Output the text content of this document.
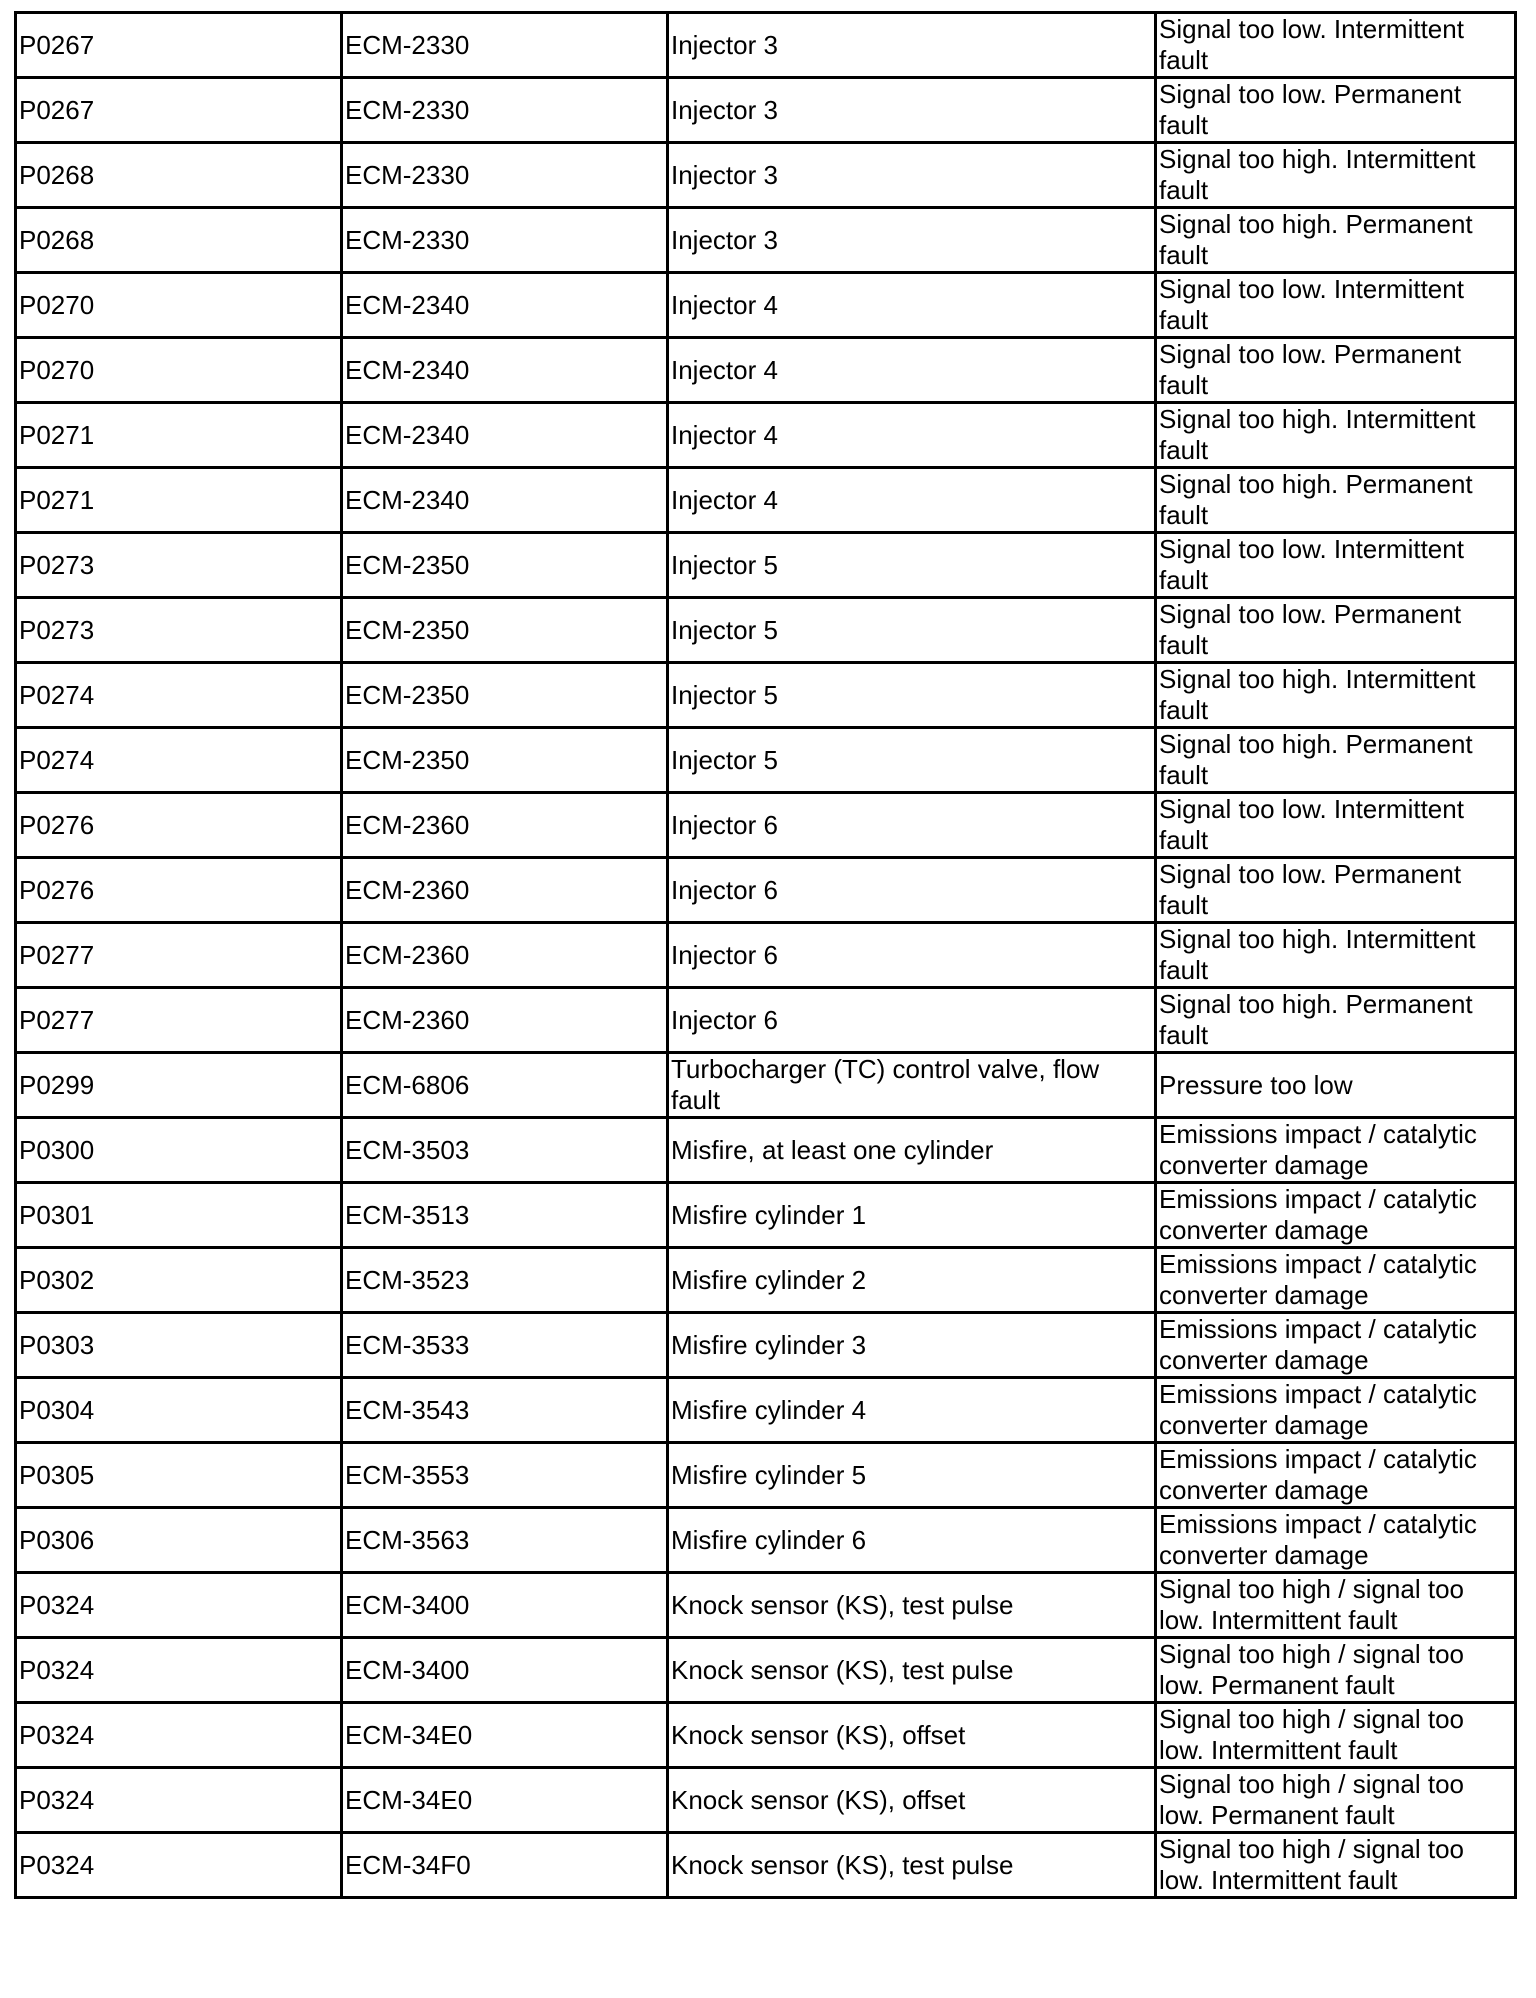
P0267	ECM-2330	Injector 3	Signal too low. Intermittent fault
P0267	ECM-2330	Injector 3	Signal too low. Permanent fault
P0268	ECM-2330	Injector 3	Signal too high. Intermittent fault
P0268	ECM-2330	Injector 3	Signal too high. Permanent fault
P0270	ECM-2340	Injector 4	Signal too low. Intermittent fault
P0270	ECM-2340	Injector 4	Signal too low. Permanent fault
P0271	ECM-2340	Injector 4	Signal too high. Intermittent fault
P0271	ECM-2340	Injector 4	Signal too high. Permanent fault
P0273	ECM-2350	Injector 5	Signal too low. Intermittent fault
P0273	ECM-2350	Injector 5	Signal too low. Permanent fault
P0274	ECM-2350	Injector 5	Signal too high. Intermittent fault
P0274	ECM-2350	Injector 5	Signal too high. Permanent fault
P0276	ECM-2360	Injector 6	Signal too low. Intermittent fault
P0276	ECM-2360	Injector 6	Signal too low. Permanent fault
P0277	ECM-2360	Injector 6	Signal too high. Intermittent fault
P0277	ECM-2360	Injector 6	Signal too high. Permanent fault
P0299	ECM-6806	Turbocharger (TC) control valve, flow fault	Pressure too low
P0300	ECM-3503	Misfire, at least one cylinder	Emissions impact / catalytic converter damage
P0301	ECM-3513	Misfire cylinder 1	Emissions impact / catalytic converter damage
P0302	ECM-3523	Misfire cylinder 2	Emissions impact / catalytic converter damage
P0303	ECM-3533	Misfire cylinder 3	Emissions impact / catalytic converter damage
P0304	ECM-3543	Misfire cylinder 4	Emissions impact / catalytic converter damage
P0305	ECM-3553	Misfire cylinder 5	Emissions impact / catalytic converter damage
P0306	ECM-3563	Misfire cylinder 6	Emissions impact / catalytic converter damage
P0324	ECM-3400	Knock sensor (KS), test pulse	Signal too high / signal too low. Intermittent fault
P0324	ECM-3400	Knock sensor (KS), test pulse	Signal too high / signal too low. Permanent fault
P0324	ECM-34E0	Knock sensor (KS), offset	Signal too high / signal too low. Intermittent fault
P0324	ECM-34E0	Knock sensor (KS), offset	Signal too high / signal too low. Permanent fault
P0324	ECM-34F0	Knock sensor (KS), test pulse	Signal too high / signal too low. Intermittent fault
